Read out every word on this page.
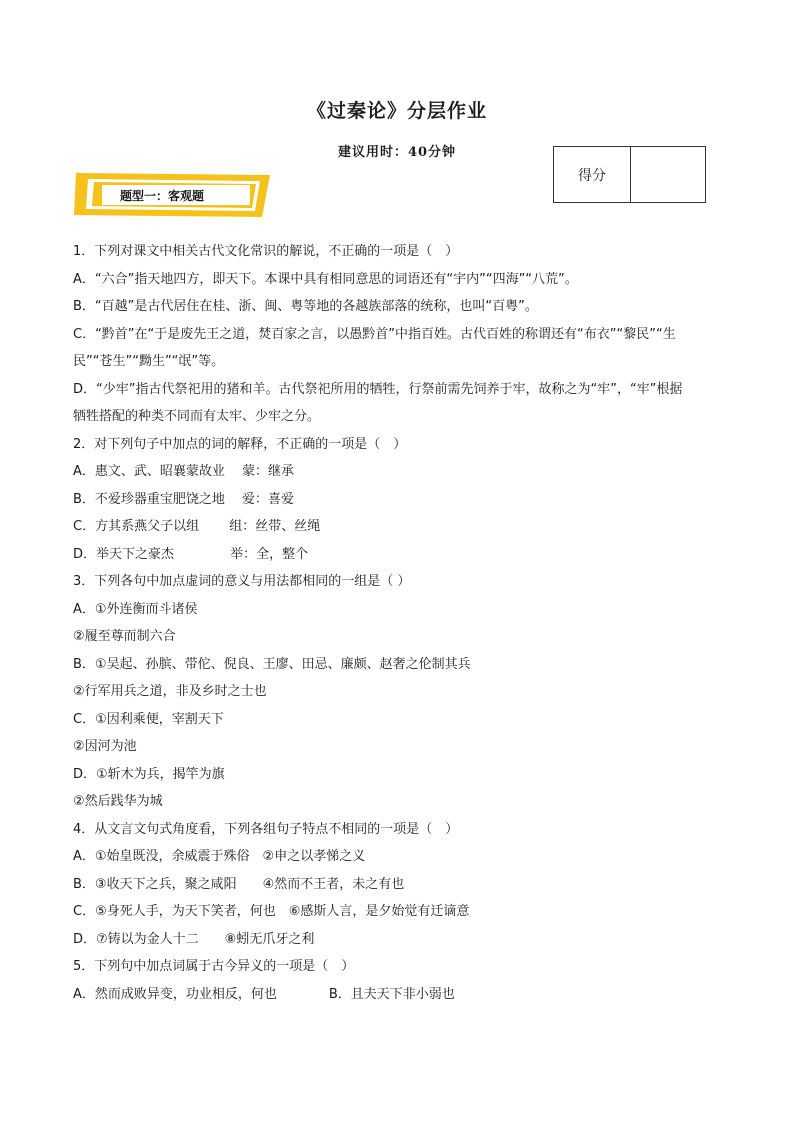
《过秦论》分层作业
建议用时：40分钟
得分
题型一：客观题
1．下列对课文中相关古代文化常识的解说，不正确的一项是（　）
A．“六合”指天地四方，即天下。本课中具有相同意思的词语还有“宇内”“四海”“八荒”。
B．“百越”是古代居住在桂、浙、闽、粤等地的各越族部落的统称，也叫“百粤”。
C．“黔首”在“于是废先王之道，焚百家之言，以愚黔首”中指百姓。古代百姓的称谓还有“布衣”“黎民”“生
民”“苍生”“黝生”“氓”等。
D．“少牢”指古代祭祀用的猪和羊。古代祭祀所用的牺牲，行祭前需先饲养于牢，故称之为“牢”，“牢”根据
牺牲搭配的种类不同而有太牢、少牢之分。
2．对下列句子中加点的词的解释，不正确的一项是（　）
A．惠文、武、昭襄蒙故业　 蒙：继承
B．不爱珍器重宝肥饶之地　 爱：喜爱
C．方其系燕父子以组　　 组：丝带、丝绳
D．举天下之豪杰　　　　 举：全，整个
3．下列各句中加点虚词的意义与用法都相同的一组是（ ）
A．①外连衡而斗诸侯
②履至尊而制六合
B．①吴起、孙膑、带佗、倪良、王廖、田忌、廉颇、赵奢之伦制其兵
②行军用兵之道，非及乡时之士也
C．①因利乘便，宰割天下
②因河为池
D．①斩木为兵，揭竿为旗
②然后践华为城
4．从文言文句式角度看，下列各组句子特点不相同的一项是（　）
A．①始皇既没，余威震于殊俗　②申之以孝悌之义
B．③收天下之兵，聚之咸阳　　④然而不王者，未之有也
C．⑤身死人手，为天下笑者，何也　⑥感斯人言，是夕始觉有迁谪意
D．⑦铸以为金人十二　　⑧蚓无爪牙之利
5．下列句中加点词属于古今异义的一项是（　）
A．然而成败异变，功业相反，何也　　　　B．且夫天下非小弱也
